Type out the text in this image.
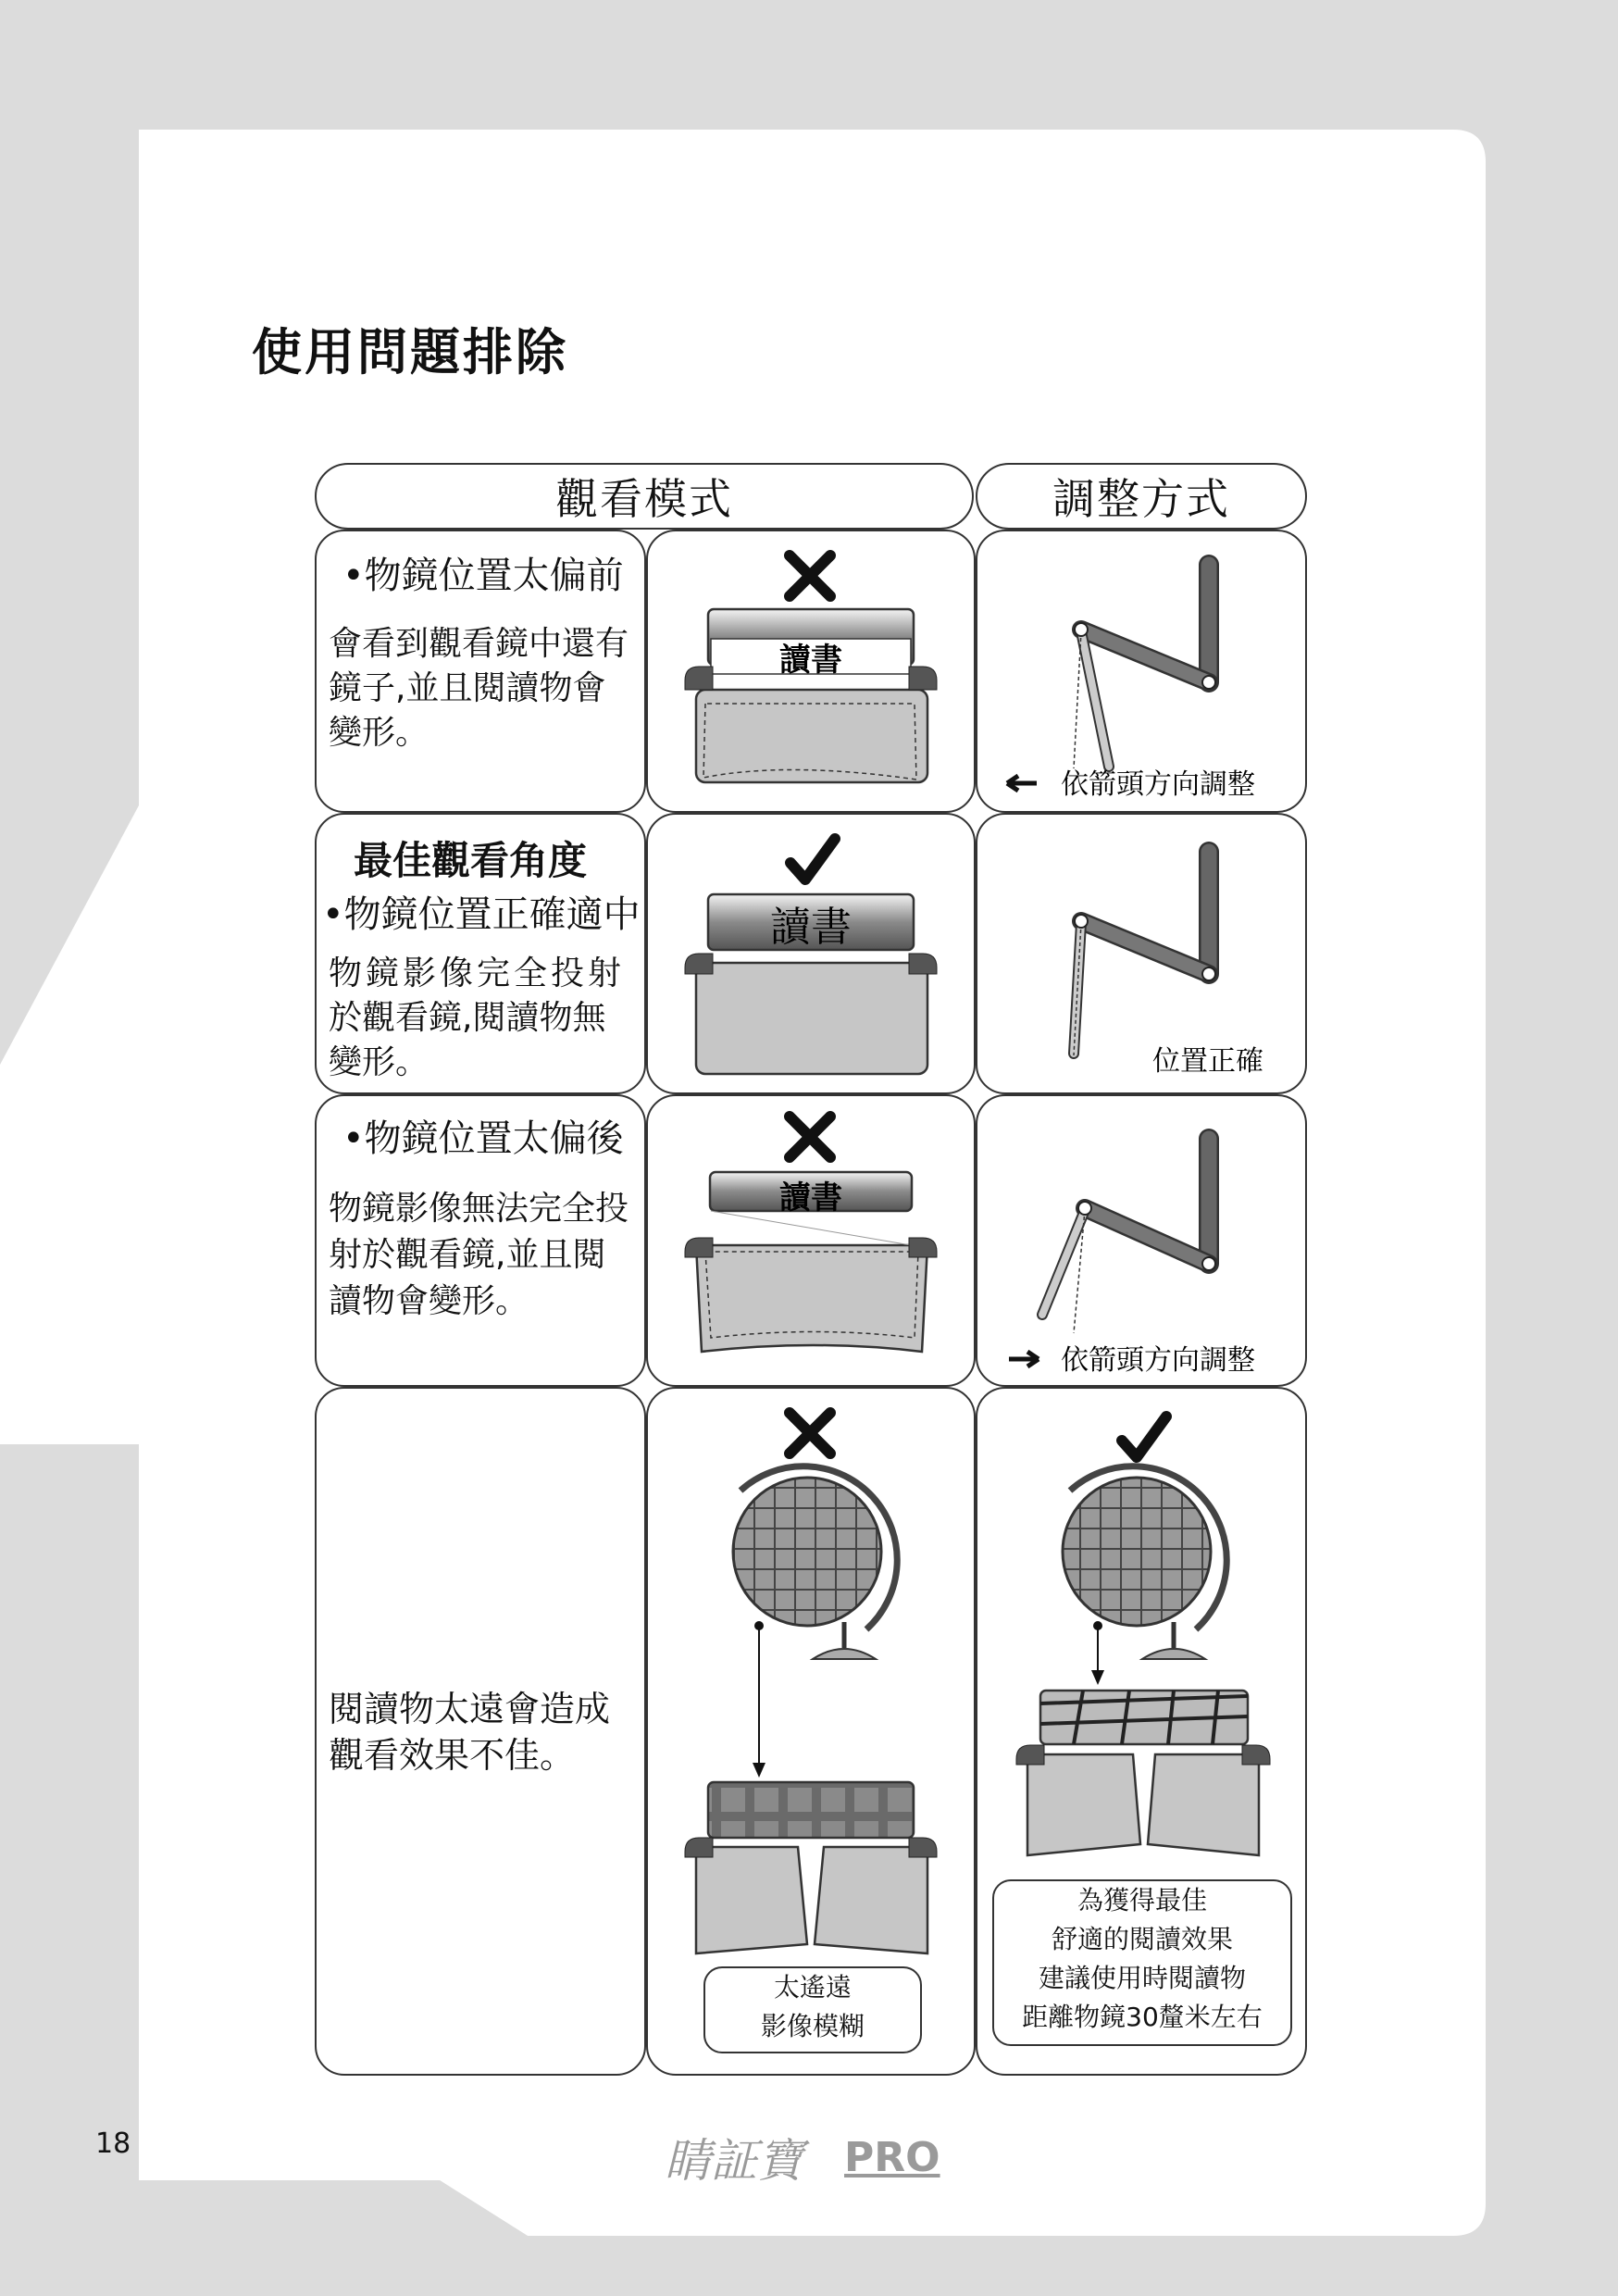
使用問題排除
觀看模式	調整方式
•物鏡位置太偏前
會看到觀看鏡中還有
鏡子,並且閱讀物會
變形。
最佳觀看角度
•物鏡位置正確適中
物鏡影像完全投射
於觀看鏡,閱讀物無
變形。
•物鏡位置太偏後
物鏡影像無法完全投
射於觀看鏡,並且閱
讀物會變形。
閱讀物太遠會造成
觀看效果不佳。
讀書
依箭頭方向調整
讀書
位置正確
讀書
依箭頭方向調整
太遙遠
影像模糊
為獲得最佳
舒適的閱讀效果
建議使用時閱讀物
距離物鏡30釐米左右
18	睛証寶 PRO
